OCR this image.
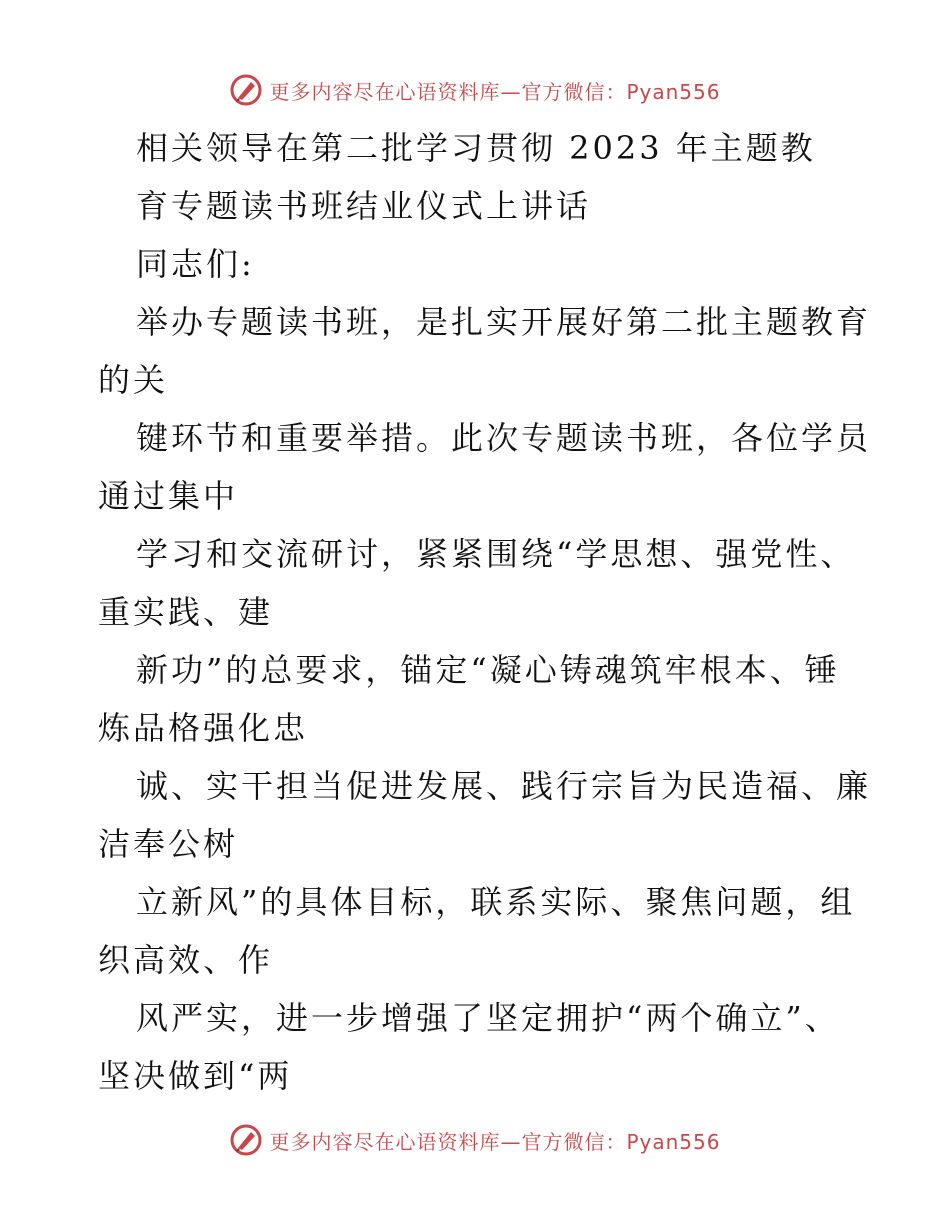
更多内容尽在心语资料库—官方微信：Pyan556
相关领导在第二批学习贯彻 2023 年主题教
育专题读书班结业仪式上讲话
同志们:
举办专题读书班，是扎实开展好第二批主题教育
的关
键环节和重要举措。此次专题读书班，各位学员
通过集中
学习和交流研讨，紧紧围绕“学思想、强党性、
重实践、建
新功”的总要求，锚定“凝心铸魂筑牢根本、锤
炼品格强化忠
诚、实干担当促进发展、践行宗旨为民造福、廉
洁奉公树
立新风”的具体目标，联系实际、聚焦问题，组
织高效、作
风严实，进一步增强了坚定拥护“两个确立”、
坚决做到“两
更多内容尽在心语资料库—官方微信：Pyan556
